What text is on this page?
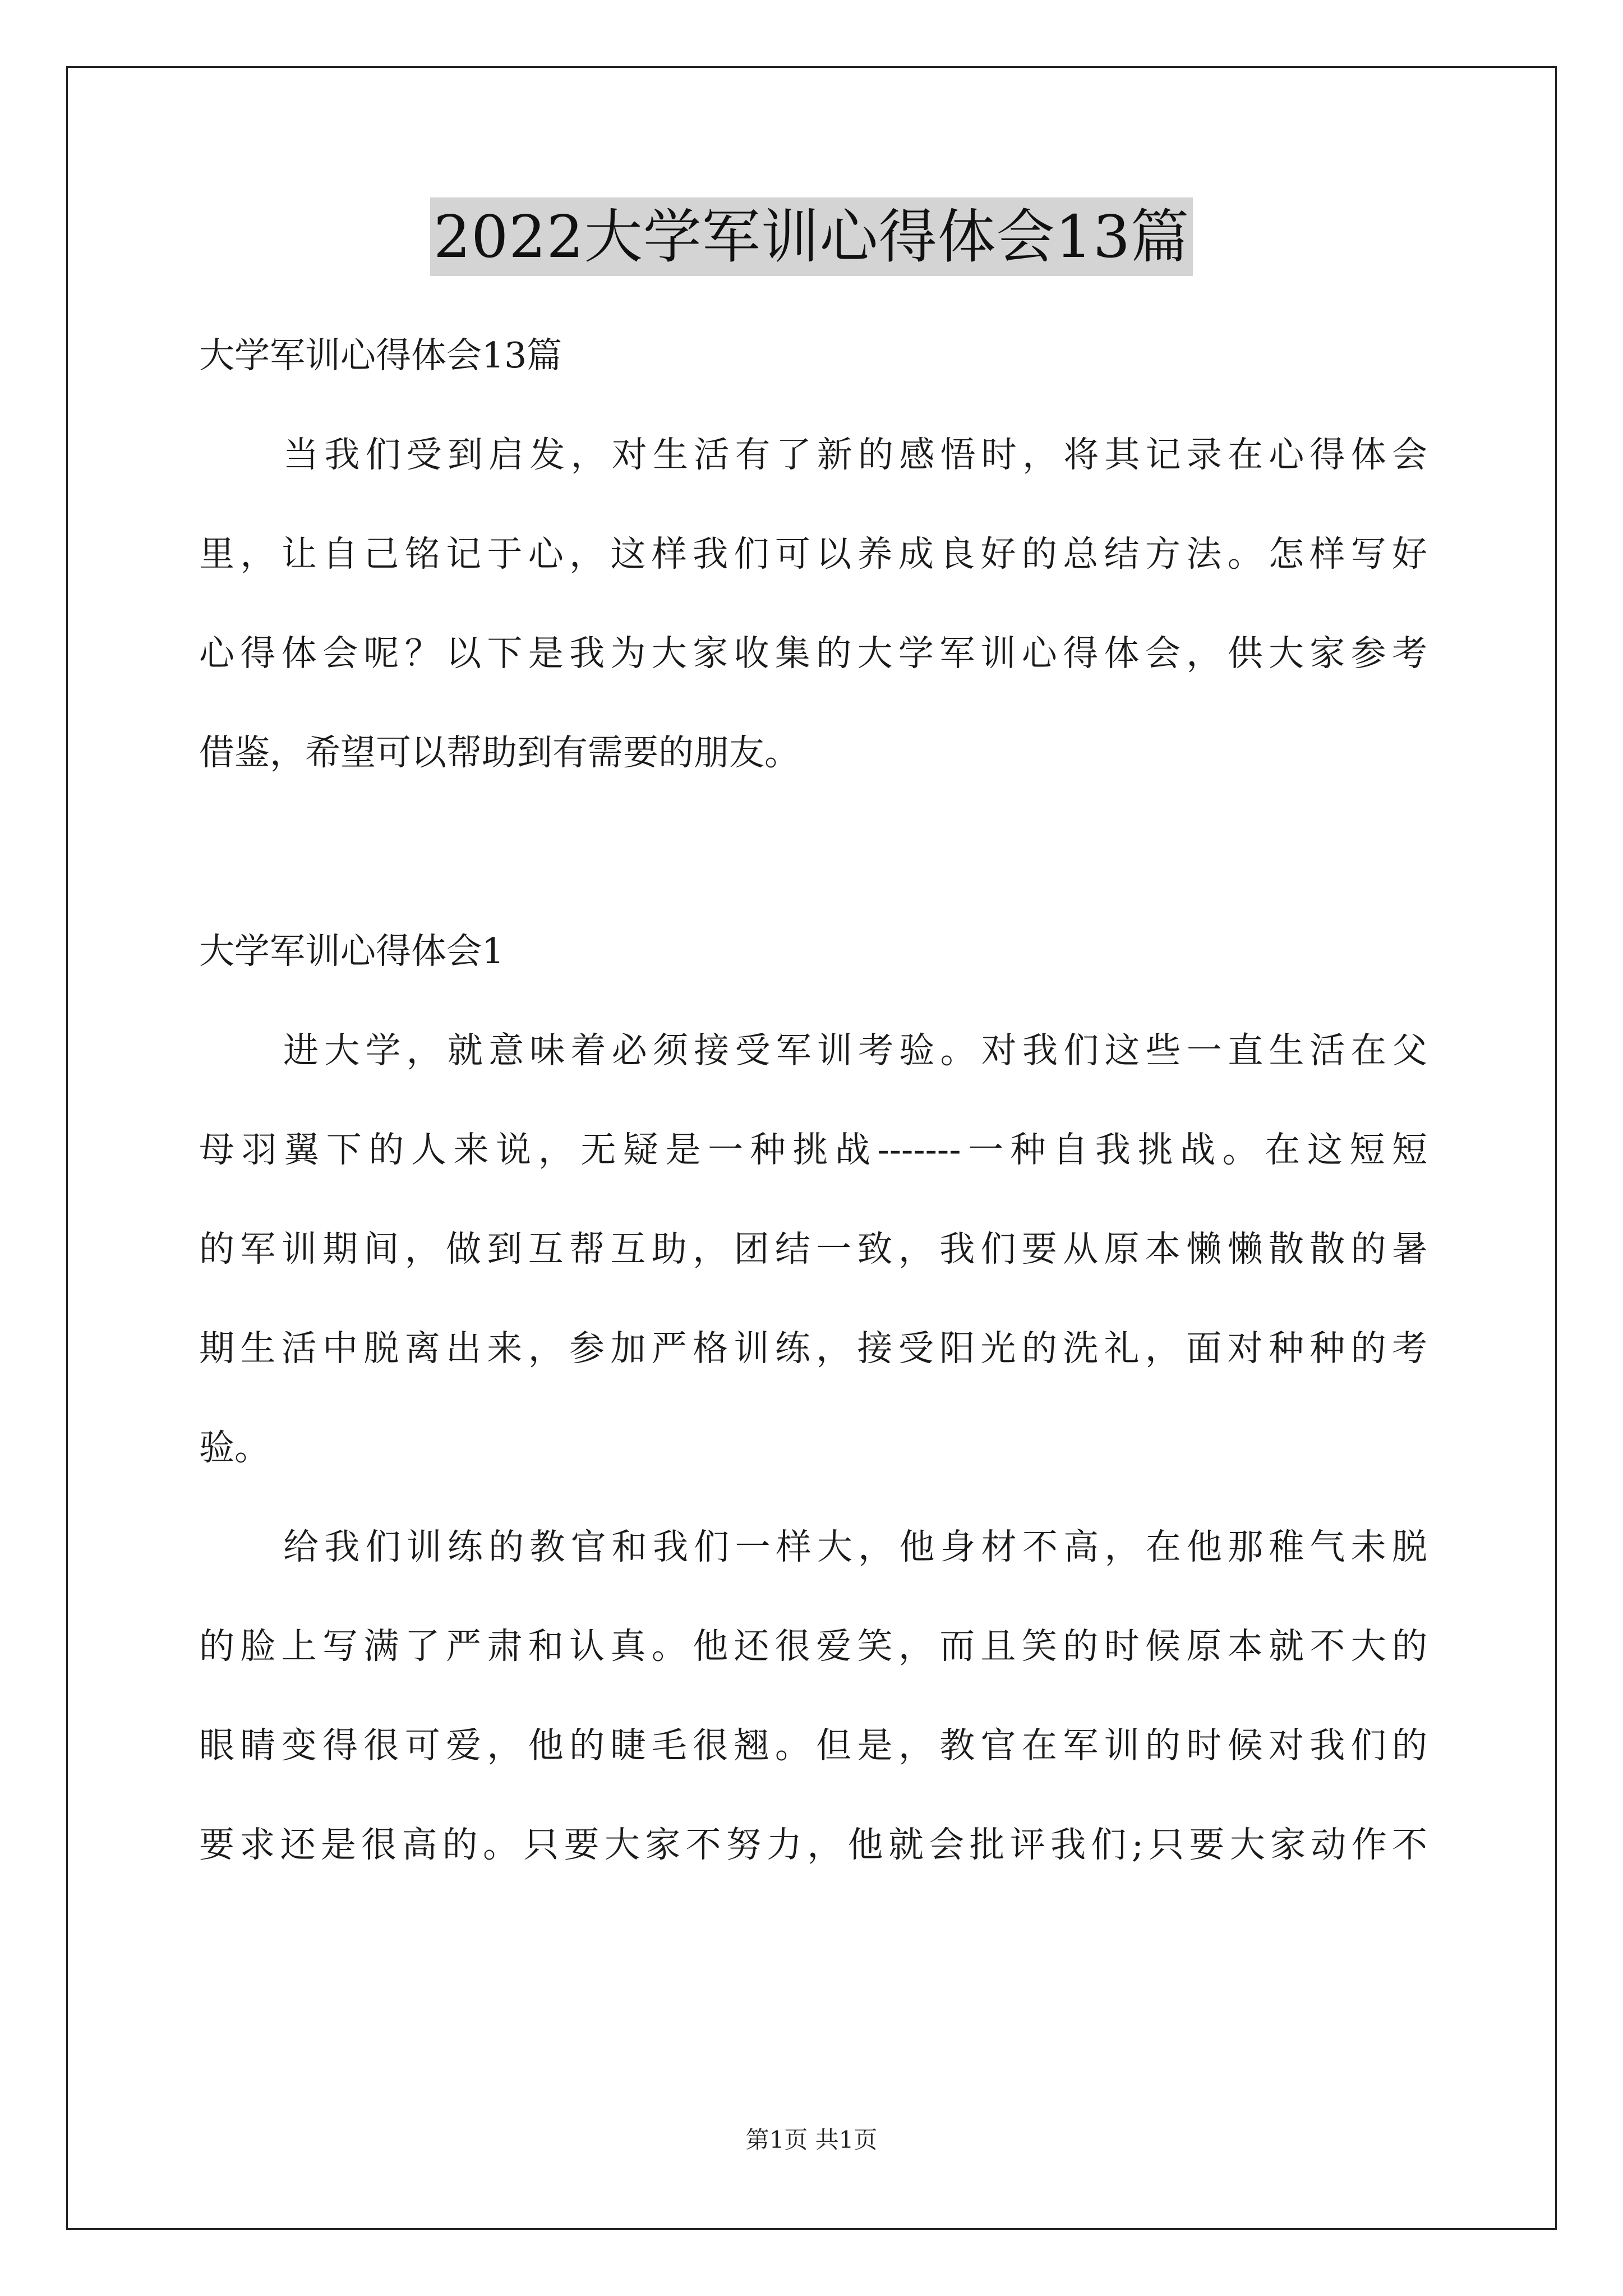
2022大学军训心得体会13篇
大学军训心得体会13篇
当我们受到启发，对生活有了新的感悟时，将其记录在心得体会
里，让自己铭记于心，这样我们可以养成良好的总结方法。怎样写好
心得体会呢？以下是我为大家收集的大学军训心得体会，供大家参考
借鉴，希望可以帮助到有需要的朋友。
大学军训心得体会1
进大学，就意味着必须接受军训考验。对我们这些一直生活在父
母羽翼下的人来说，无疑是一种挑战-------一种自我挑战。在这短短
的军训期间，做到互帮互助，团结一致，我们要从原本懒懒散散的暑
期生活中脱离出来，参加严格训练，接受阳光的洗礼，面对种种的考
验。
给我们训练的教官和我们一样大，他身材不高，在他那稚气未脱
的脸上写满了严肃和认真。他还很爱笑，而且笑的时候原本就不大的
眼睛变得很可爱，他的睫毛很翘。但是，教官在军训的时候对我们的
要求还是很高的。只要大家不努力，他就会批评我们;只要大家动作不
第1页 共1页
